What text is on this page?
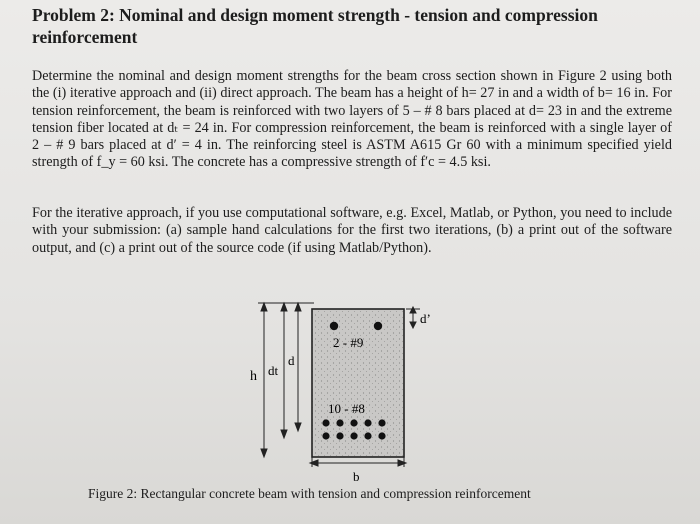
Problem 2: Nominal and design moment strength - tension and compression reinforcement
Determine the nominal and design moment strengths for the beam cross section shown in Figure 2 using both the (i) iterative approach and (ii) direct approach. The beam has a height of h= 27 in and a width of b= 16 in. For tension reinforcement, the beam is reinforced with two layers of 5 – # 8 bars placed at d= 23 in and the extreme tension fiber located at dₜ = 24 in. For compression reinforcement, the beam is reinforced with a single layer of 2 – # 9 bars placed at d′ = 4 in. The reinforcing steel is ASTM A615 Gr 60 with a minimum specified yield strength of f_y = 60 ksi. The concrete has a compressive strength of f′c = 4.5 ksi.
For the iterative approach, if you use computational software, e.g. Excel, Matlab, or Python, you need to include with your submission: (a) sample hand calculations for the first two iterations, (b) a print out of the software output, and (c) a print out of the source code (if using Matlab/Python).
2 - #9
10 - #8
h dt
d
d’
b
Figure 2: Rectangular concrete beam with tension and compression reinforcement
